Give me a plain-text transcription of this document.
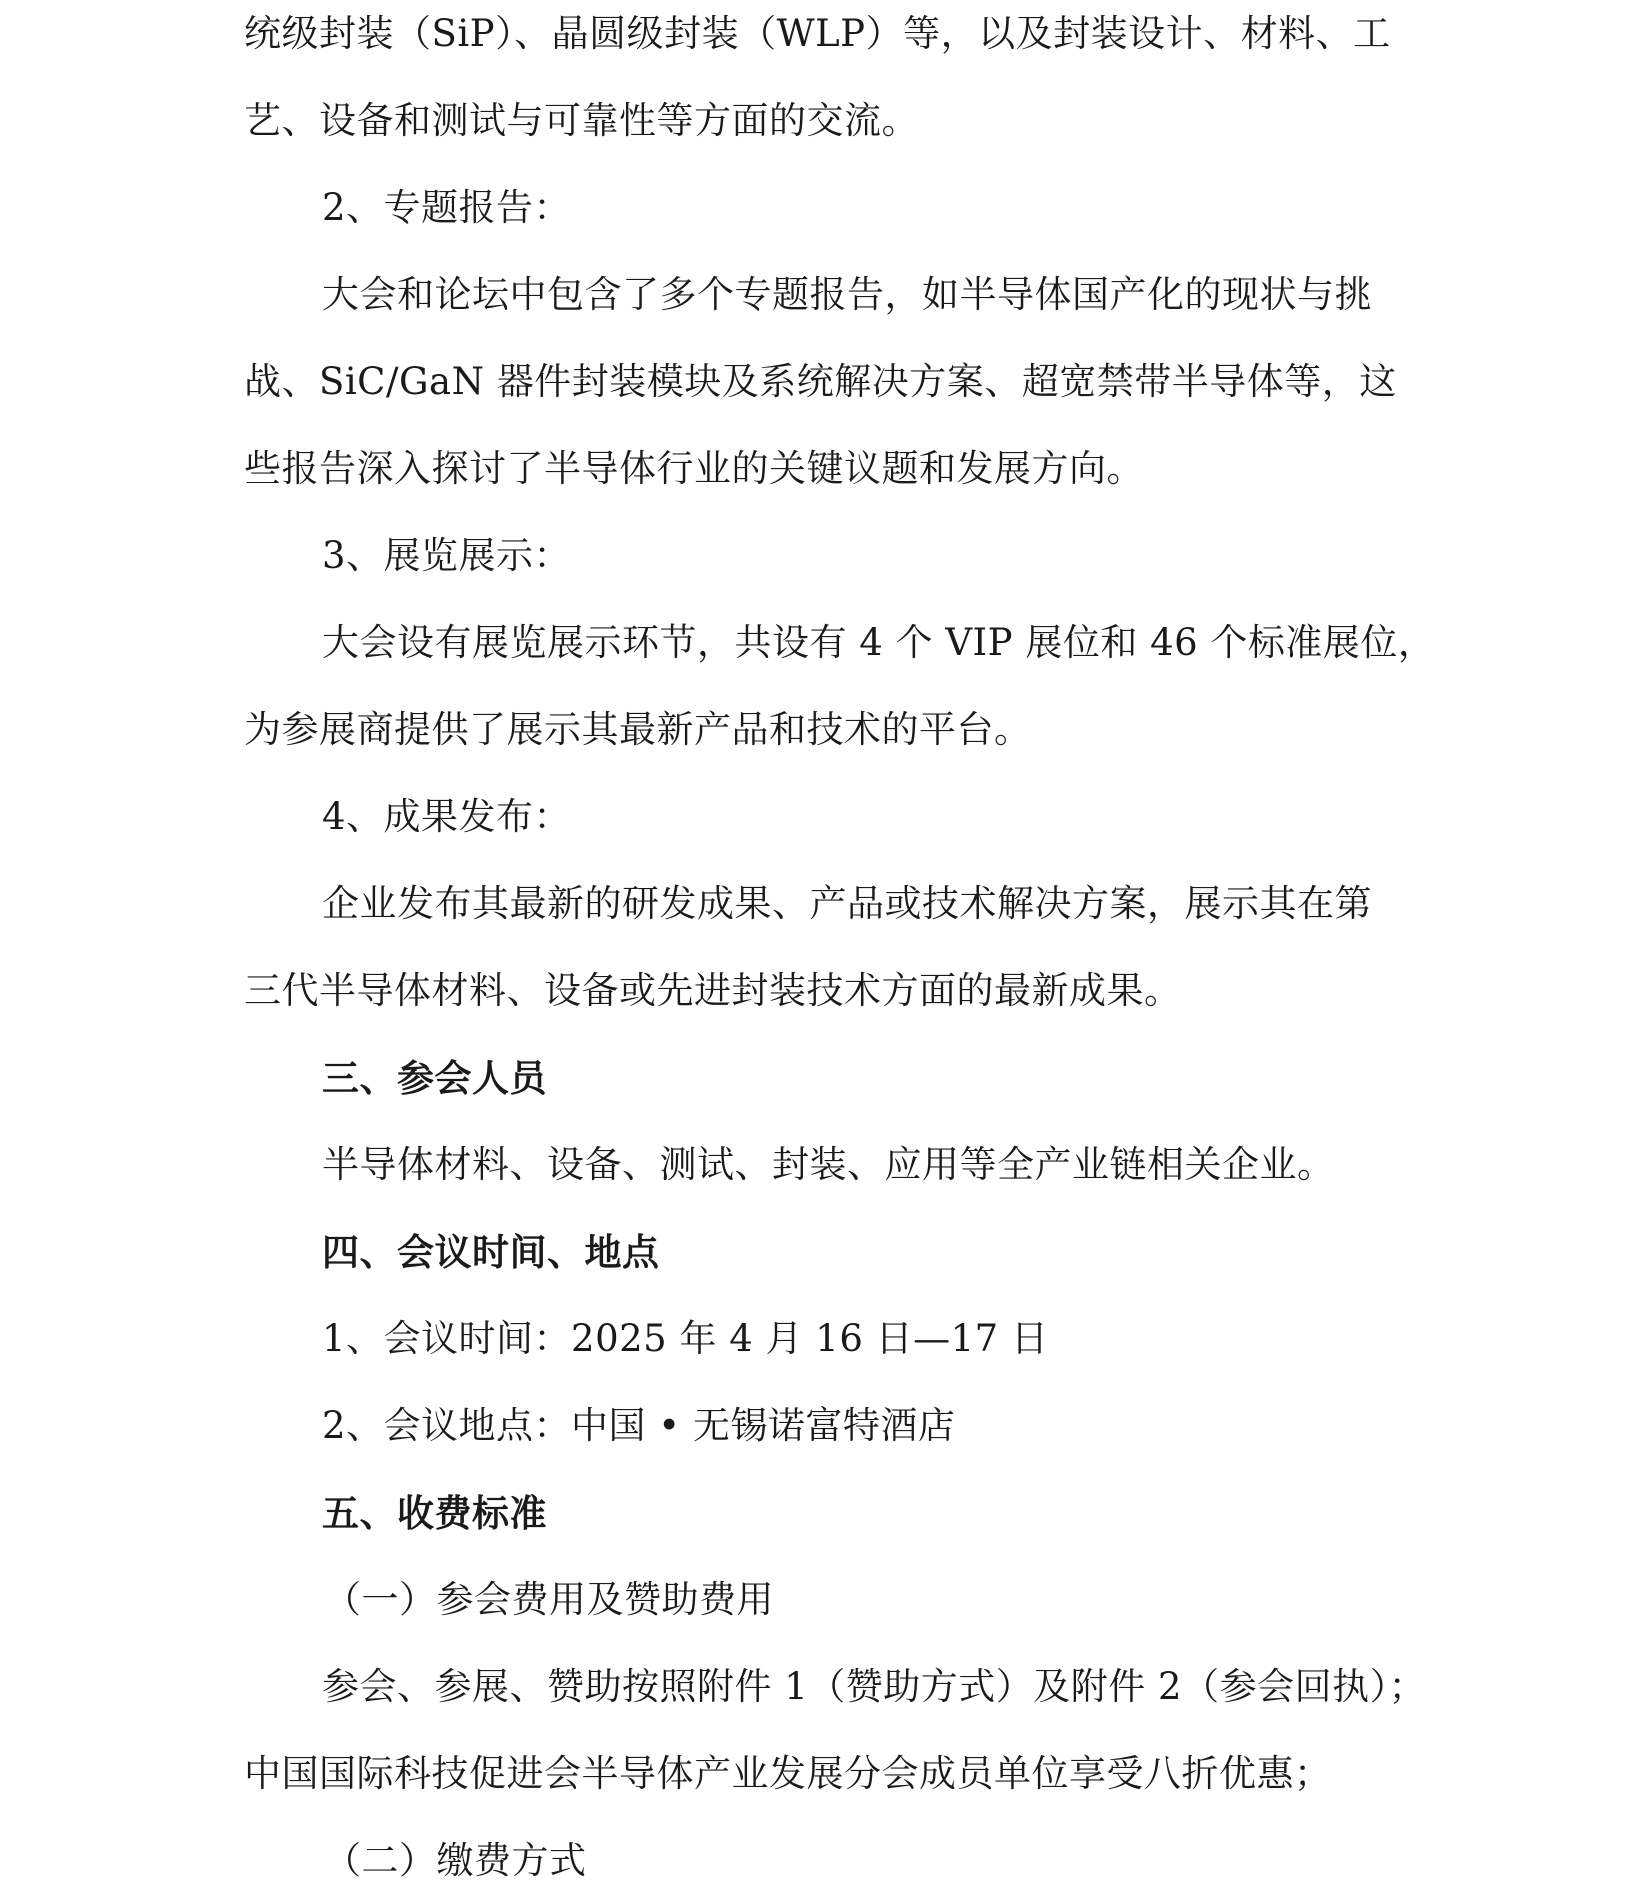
统级封装（SiP）、晶圆级封装（WLP）等，以及封装设计、材料、工
艺、设备和测试与可靠性等方面的交流。
2、专题报告：
大会和论坛中包含了多个专题报告，如半导体国产化的现状与挑
战、SiC/GaN 器件封装模块及系统解决方案、超宽禁带半导体等，这
些报告深入探讨了半导体行业的关键议题和发展方向。
3、展览展示：
大会设有展览展示环节，共设有 4 个 VIP 展位和 46 个标准展位，
为参展商提供了展示其最新产品和技术的平台。
4、成果发布：
企业发布其最新的研发成果、产品或技术解决方案，展示其在第
三代半导体材料、设备或先进封装技术方面的最新成果。
三、参会人员
半导体材料、设备、测试、封装、应用等全产业链相关企业。
四、会议时间、地点
1、会议时间：2025 年 4 月 16 日—17 日
2、会议地点：中国 • 无锡诺富特酒店
五、收费标准
（一）参会费用及赞助费用
参会、参展、赞助按照附件 1（赞助方式）及附件 2（参会回执）；
中国国际科技促进会半导体产业发展分会成员单位享受八折优惠；
（二）缴费方式
